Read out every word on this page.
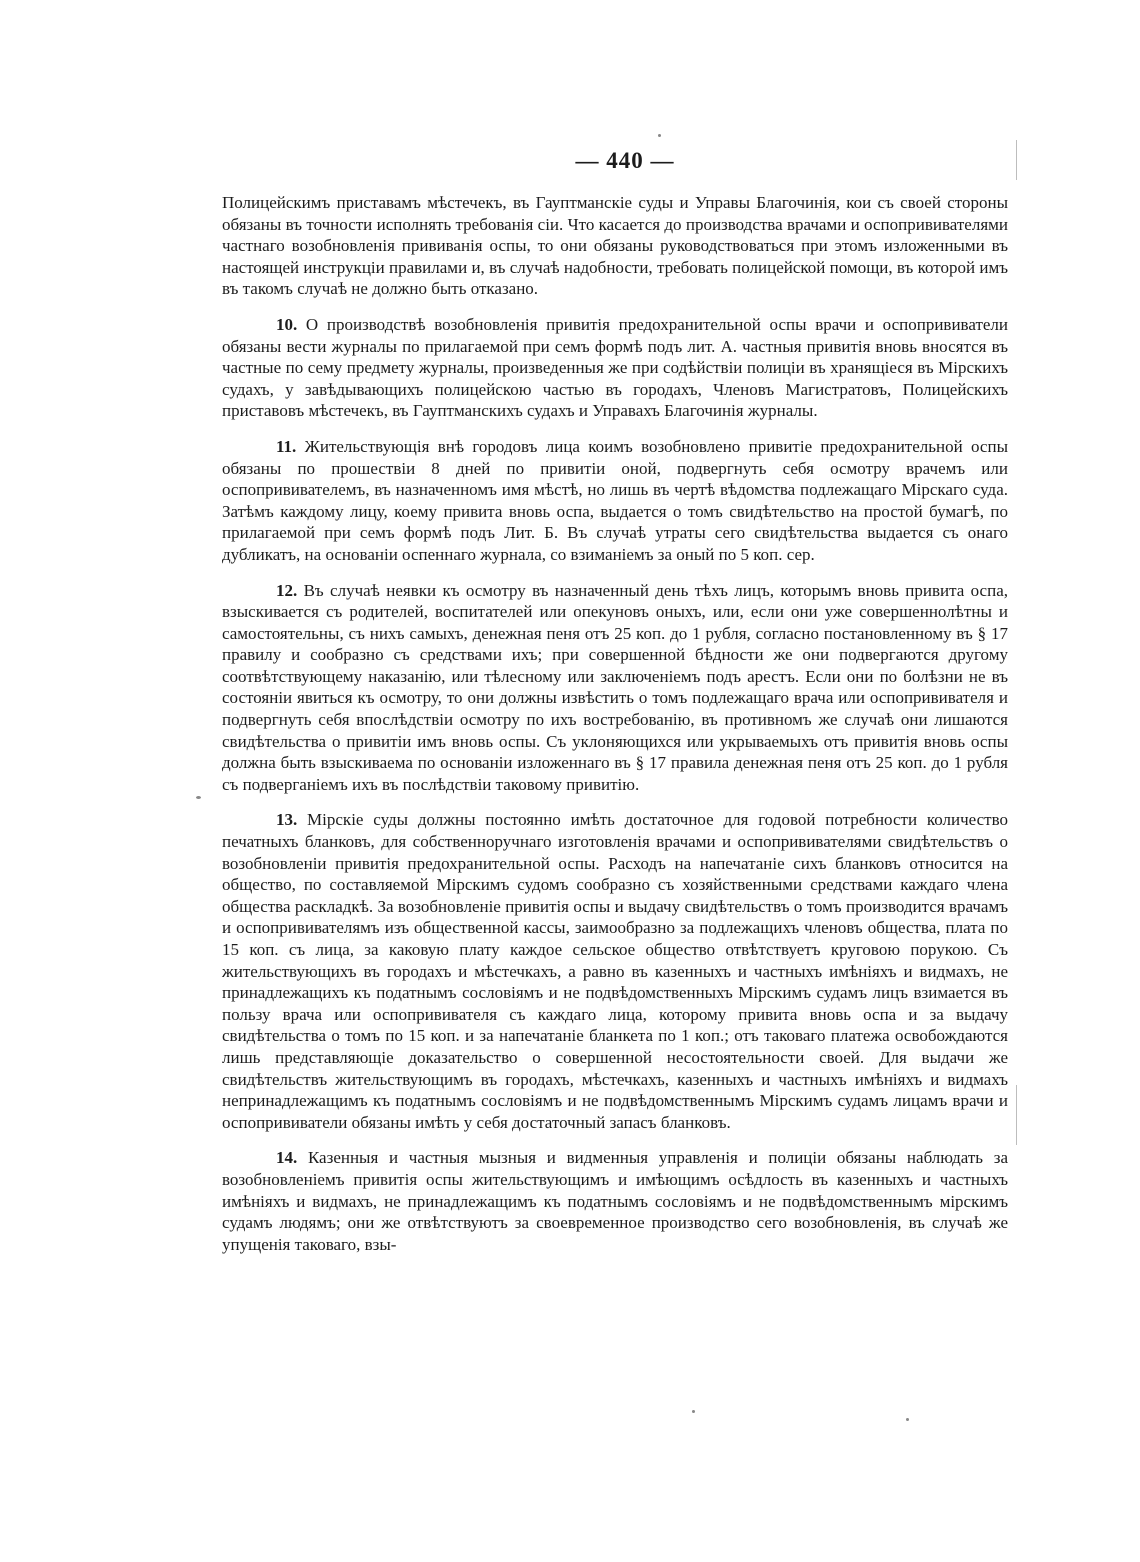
— 440 —

Полицейскимъ приставамъ мѣстечекъ, въ Гауптманскіе суды и Управы Благочинія, кои съ своей стороны обязаны въ точности исполнять требованія сіи. Что касается до производства врачами и оспопрививателями частнаго возобновленія прививанія оспы, то они обязаны руководствоваться при этомъ изложенными въ настоящей инструкціи правилами и, въ случаѣ надобности, требовать полицейской помощи, въ которой имъ въ такомъ случаѣ не должно быть отказано.

10. О производствѣ возобновленія привитія предохранительной оспы врачи и оспопрививатели обязаны вести журналы по прилагаемой при семъ формѣ подъ лит. А. частныя привитія вновь вносятся въ частные по сему предмету журналы, произведенныя же при содѣйствіи полиціи въ хранящіеся въ Мірскихъ судахъ, у завѣдывающихъ полицейскою частью въ городахъ, Членовъ Магистратовъ, Полицейскихъ приставовъ мѣстечекъ, въ Гауптманскихъ судахъ и Управахъ Благочинія журналы.

11. Жительствующія внѣ городовъ лица коимъ возобновлено привитіе предохранительной оспы обязаны по прошествіи 8 дней по привитіи оной, подвергнуть себя осмотру врачемъ или оспопрививателемъ, въ назначенномъ имя мѣстѣ, но лишь въ чертѣ вѣдомства подлежащаго Мірскаго суда. Затѣмъ каждому лицу, коему привита вновь оспа, выдается о томъ свидѣтельство на простой бумагѣ, по прилагаемой при семъ формѣ подъ Лит. Б. Въ случаѣ утраты сего свидѣтельства выдается съ онаго дубликатъ, на основаніи оспеннаго журнала, со взиманіемъ за оный по 5 коп. сер.

12. Въ случаѣ неявки къ осмотру въ назначенный день тѣхъ лицъ, которымъ вновь привита оспа, взыскивается съ родителей, воспитателей или опекуновъ оныхъ, или, если они уже совершеннолѣтны и самостоятельны, съ нихъ самыхъ, денежная пеня отъ 25 коп. до 1 рубля, согласно постановленному въ § 17 правилу и сообразно съ средствами ихъ; при совершенной бѣдности же они подвергаются другому соотвѣтствующему наказанію, или тѣлесному или заключеніемъ подъ арестъ. Если они по болѣзни не въ состояніи явиться къ осмотру, то они должны извѣстить о томъ подлежащаго врача или оспопрививателя и подвергнуть себя впослѣдствіи осмотру по ихъ востребованію, въ противномъ же случаѣ они лишаются свидѣтельства о привитіи имъ вновь оспы. Съ уклоняющихся или укрываемыхъ отъ привитія вновь оспы должна быть взыскиваема по основаніи изложеннаго въ § 17 правила денежная пеня отъ 25 коп. до 1 рубля съ подверганіемъ ихъ въ послѣдствіи таковому привитію.

13. Мірскіе суды должны постоянно имѣть достаточное для годовой потребности количество печатныхъ бланковъ, для собственноручнаго изготовленія врачами и оспопрививателями свидѣтельствъ о возобновленіи привитія предохранительной оспы. Расходъ на напечатаніе сихъ бланковъ относится на общество, по составляемой Мірскимъ судомъ сообразно съ хозяйственными средствами каждаго члена общества раскладкѣ. За возобновленіе привитія оспы и выдачу свидѣтельствъ о томъ производится врачамъ и оспопрививателямъ изъ общественной кассы, заимообразно за подлежащихъ членовъ общества, плата по 15 коп. съ лица, за каковую плату каждое сельское общество отвѣтствуетъ круговою порукою. Съ жительствующихъ въ городахъ и мѣстечкахъ, а равно въ казенныхъ и частныхъ имѣніяхъ и видмахъ, не принадлежащихъ къ податнымъ сословіямъ и не подвѣдомственныхъ Мірскимъ судамъ лицъ взимается въ пользу врача или оспопрививателя съ каждаго лица, которому привита вновь оспа и за выдачу свидѣтельства о томъ по 15 коп. и за напечатаніе бланкета по 1 коп.; отъ таковаго платежа освобождаются лишь представляющіе доказательство о совершенной несостоятельности своей. Для выдачи же свидѣтельствъ жительствующимъ въ городахъ, мѣстечкахъ, казенныхъ и частныхъ имѣніяхъ и видмахъ непринадлежащимъ къ податнымъ сословіямъ и не подвѣдомственнымъ Мірскимъ судамъ лицамъ врачи и оспопрививатели обязаны имѣть у себя достаточный запасъ бланковъ.

14. Казенныя и частныя мызныя и видменныя управленія и полиціи обязаны наблюдать за возобновленіемъ привитія оспы жительствующимъ и имѣющимъ осѣдлость въ казенныхъ и частныхъ имѣніяхъ и видмахъ, не принадлежащимъ къ податнымъ сословіямъ и не подвѣдомственнымъ мірскимъ судамъ людямъ; они же отвѣтствуютъ за своевременное производство сего возобновленія, въ случаѣ же упущенія таковаго, взы-
